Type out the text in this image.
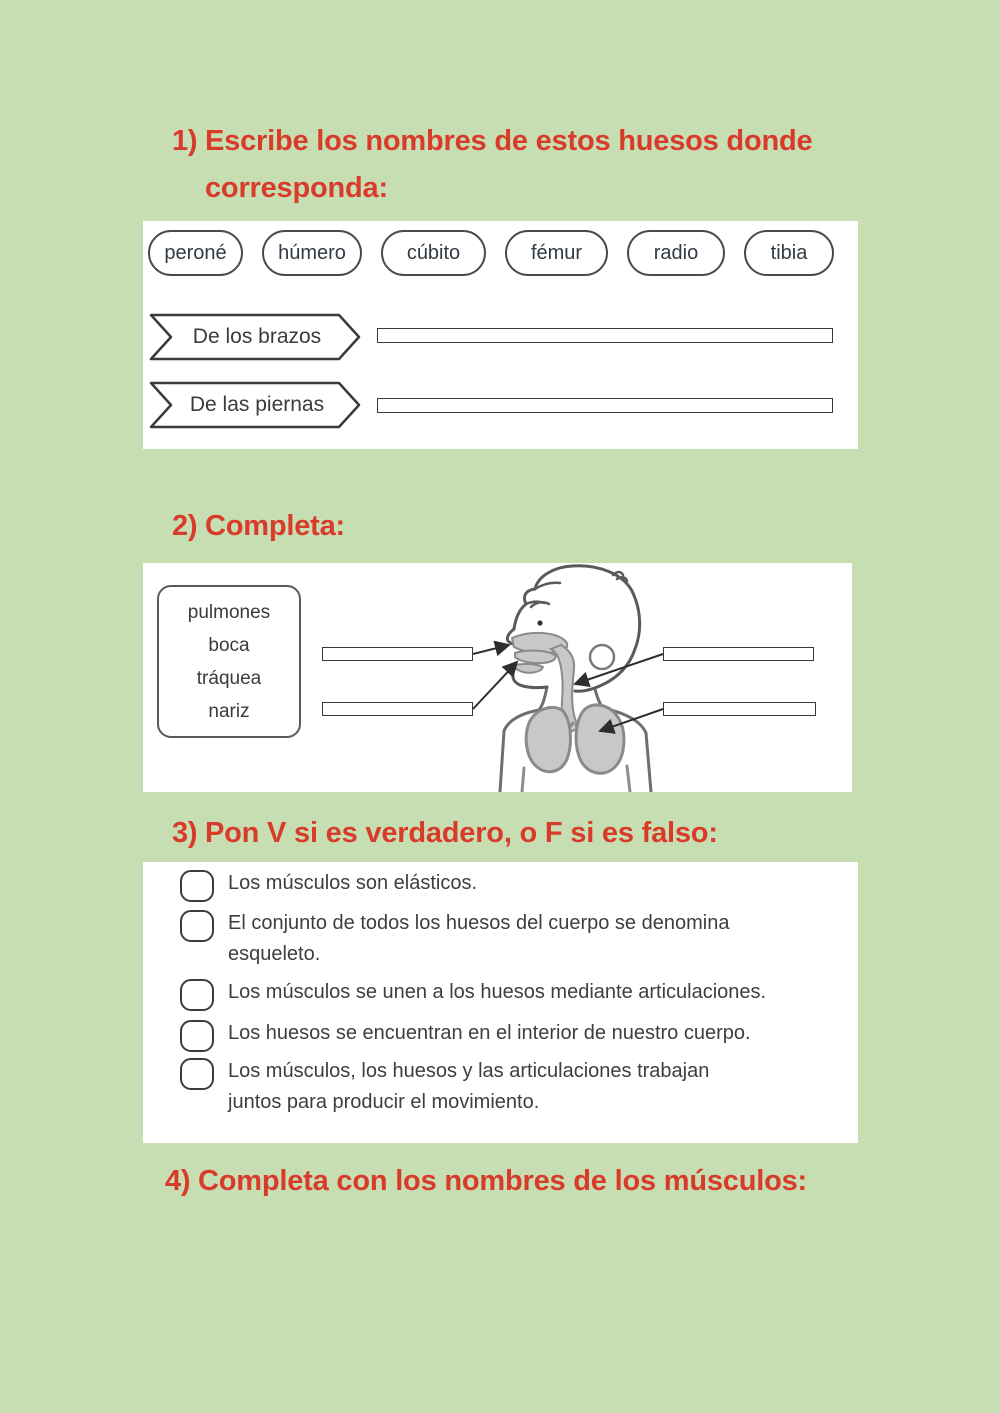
1) Escribe los nombres de estos huesos donde
corresponda:
peroné	húmero	cúbito	fémur	radio	tibia
De los brazos
De las piernas
2) Completa:
pulmones
boca
tráquea
nariz
3) Pon V si es verdadero, o F si es falso:
Los músculos son elásticos.
El conjunto de todos los huesos del cuerpo se denomina
esqueleto.
Los músculos se unen a los huesos mediante articulaciones.
Los huesos se encuentran en el interior de nuestro cuerpo.
Los músculos, los huesos y las articulaciones trabajan
juntos para producir el movimiento.
4) Completa con los nombres de los músculos:
